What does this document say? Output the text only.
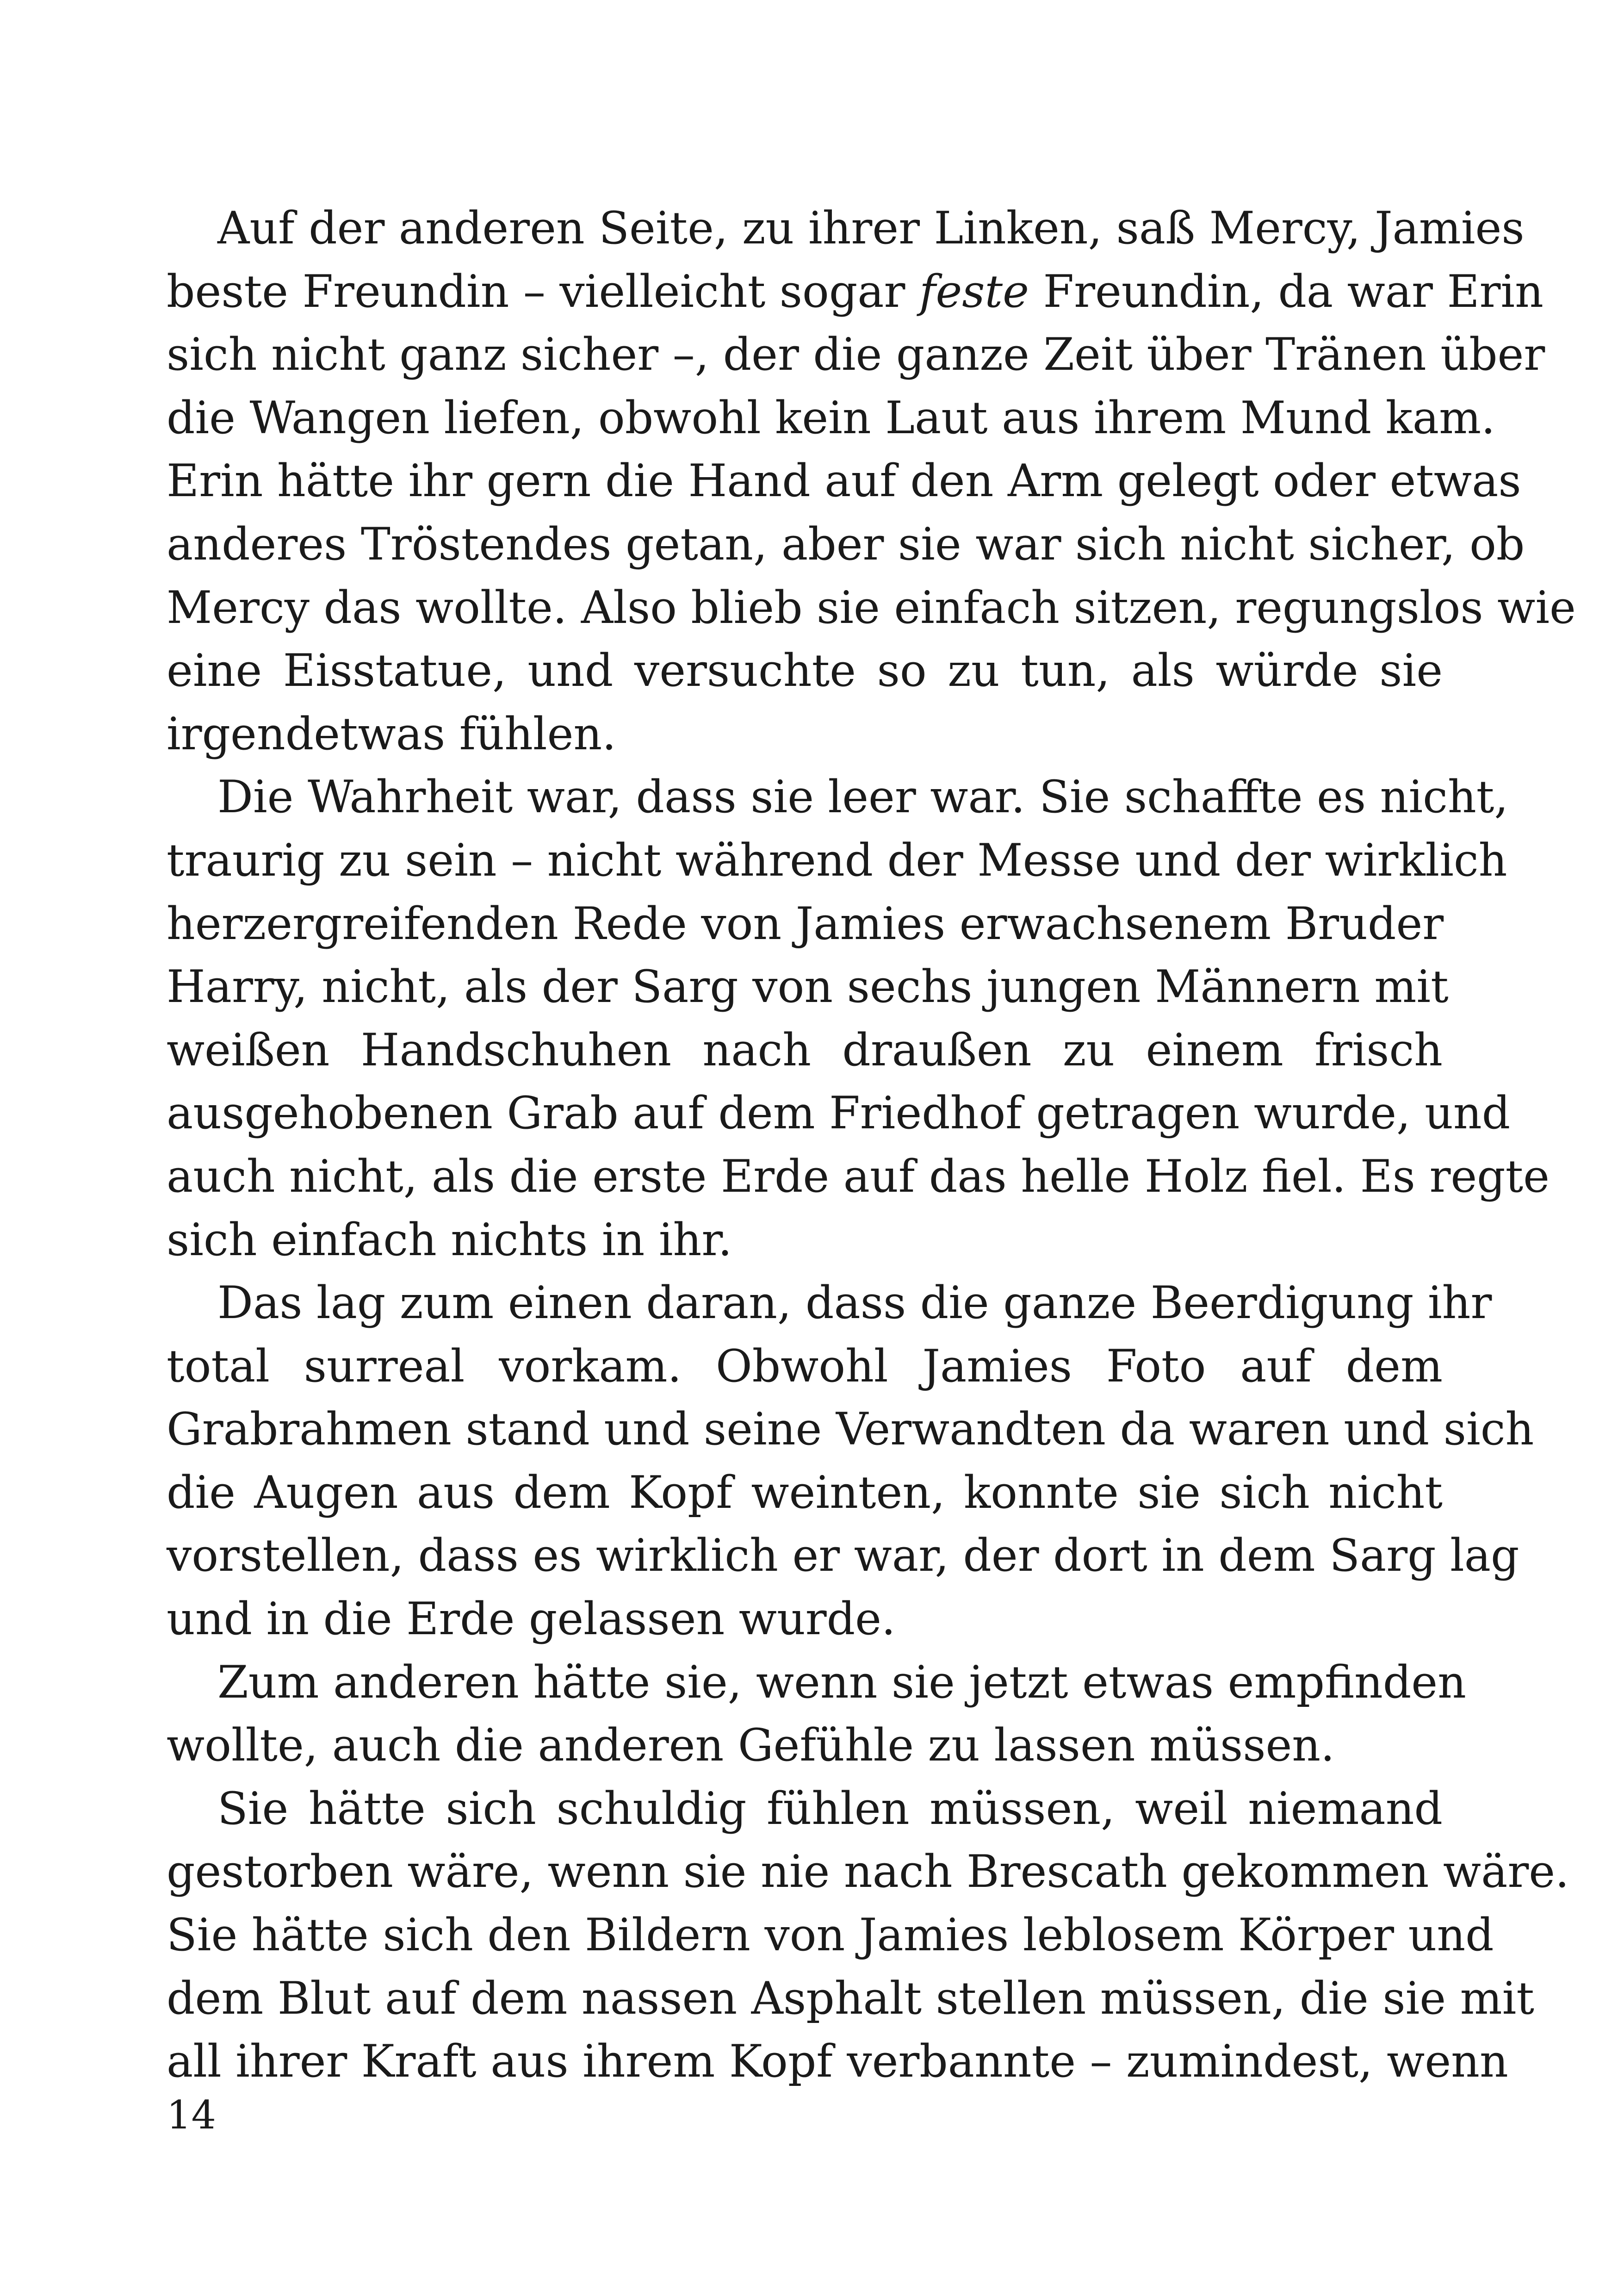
Auf der anderen Seite, zu ihrer Linken, saß Mercy, Jamies
beste Freundin – vielleicht sogar feste Freundin, da war Erin
sich nicht ganz sicher –, der die ganze Zeit über Tränen über
die Wangen liefen, obwohl kein Laut aus ihrem Mund kam.
Erin hätte ihr gern die Hand auf den Arm gelegt oder etwas
anderes Tröstendes getan, aber sie war sich nicht sicher, ob
Mercy das wollte. Also blieb sie einfach sitzen, regungslos wie
eine Eisstatue, und versuchte so zu tun, als würde sie
irgendetwas fühlen.
Die Wahrheit war, dass sie leer war. Sie schaffte es nicht,
traurig zu sein – nicht während der Messe und der wirklich
herzergreifenden Rede von Jamies erwachsenem Bruder
Harry, nicht, als der Sarg von sechs jungen Männern mit
weißen Handschuhen nach draußen zu einem frisch
ausgehobenen Grab auf dem Friedhof getragen wurde, und
auch nicht, als die erste Erde auf das helle Holz fiel. Es regte
sich einfach nichts in ihr.
Das lag zum einen daran, dass die ganze Beerdigung ihr
total surreal vorkam. Obwohl Jamies Foto auf dem
Grabrahmen stand und seine Verwandten da waren und sich
die Augen aus dem Kopf weinten, konnte sie sich nicht
vorstellen, dass es wirklich er war, der dort in dem Sarg lag
und in die Erde gelassen wurde.
Zum anderen hätte sie, wenn sie jetzt etwas empfinden
wollte, auch die anderen Gefühle zu lassen müssen.
Sie hätte sich schuldig fühlen müssen, weil niemand
gestorben wäre, wenn sie nie nach Brescath gekommen wäre.
Sie hätte sich den Bildern von Jamies leblosem Körper und
dem Blut auf dem nassen Asphalt stellen müssen, die sie mit
all ihrer Kraft aus ihrem Kopf verbannte – zumindest, wenn
14
